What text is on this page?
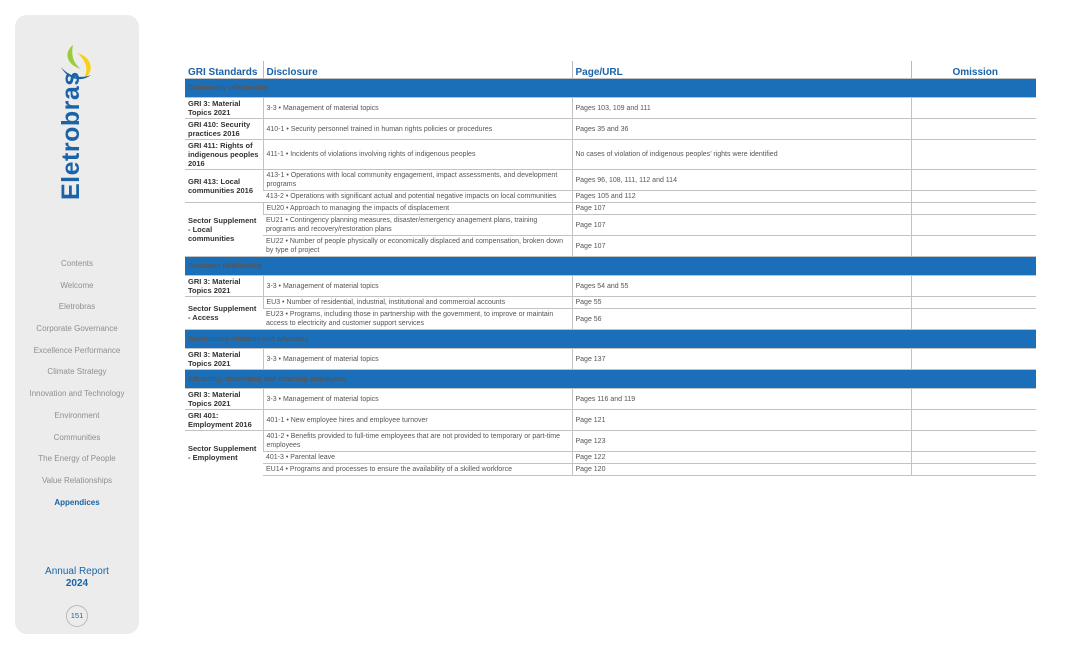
Eletrobras
Contents
Welcome
Eletrobras
Corporate Governance
Excellence Performance
Climate Strategy
Innovation and Technology
Environment
Communities
The Energy of People
Value Relationships
Appendices
Annual Report
2024
151
GRI Standards	Disclosure	Page/URL	Omission
Community relationship			
GRI 3: Material Topics 2021	3-3 • Management of material topics	Pages 103, 109 and 111	
GRI 410: Security practices 2016	410-1 • Security personnel trained in human rights policies or procedures	Pages 35 and 36	
GRI 411: Rights of indigenous peoples 2016	411-1 • Incidents of violations involving rights of indigenous peoples	No cases of violation of indigenous peoples’ rights were identified	
GRI 413: Local communities 2016	413-1 • Operations with local community engagement, impact assessments, and development programs	Pages 96, 108, 111, 112 and 114	
	413-2 • Operations with significant actual and potential negative impacts on local communities	Pages 105 and 112	
Sector Supplement - Local communities	EU20 • Approach to managing the impacts of displacement	Page 107	
	EU21 • Contingency planning measures, disaster/emergency anagement plans, training programs and recovery/restoration plans	Page 107	
	EU22 • Number of people physically or economically displaced and compensation, broken down by type of project	Page 107	
Customer relationship			
GRI 3: Material Topics 2021	3-3 • Management of material topics	Pages 54 and 55	
Sector Supplement - Access	EU3 • Number of residential, industrial, institutional and commercial accounts	Page 55	
	EU23 • Programs, including those in partnership with the government, to improve or maintain access to electricity and customer support services	Page 56	
Government relations and advocacy			
GRI 3: Material Topics 2021	3-3 • Management of material topics	Page 137	
Attracting, developing and retaining employees			
GRI 3: Material Topics 2021	3-3 • Management of material topics	Pages 116 and 119	
GRI 401: Employment 2016	401-1 • New employee hires and employee turnover	Page 121	
Sector Supplement - Employment	401-2 • Benefits provided to full-time employees that are not provided to temporary or part-time employees	Page 123	
	401-3 • Parental leave	Page 122	
	EU14 • Programs and processes to ensure the availability of a skilled workforce	Page 120	
